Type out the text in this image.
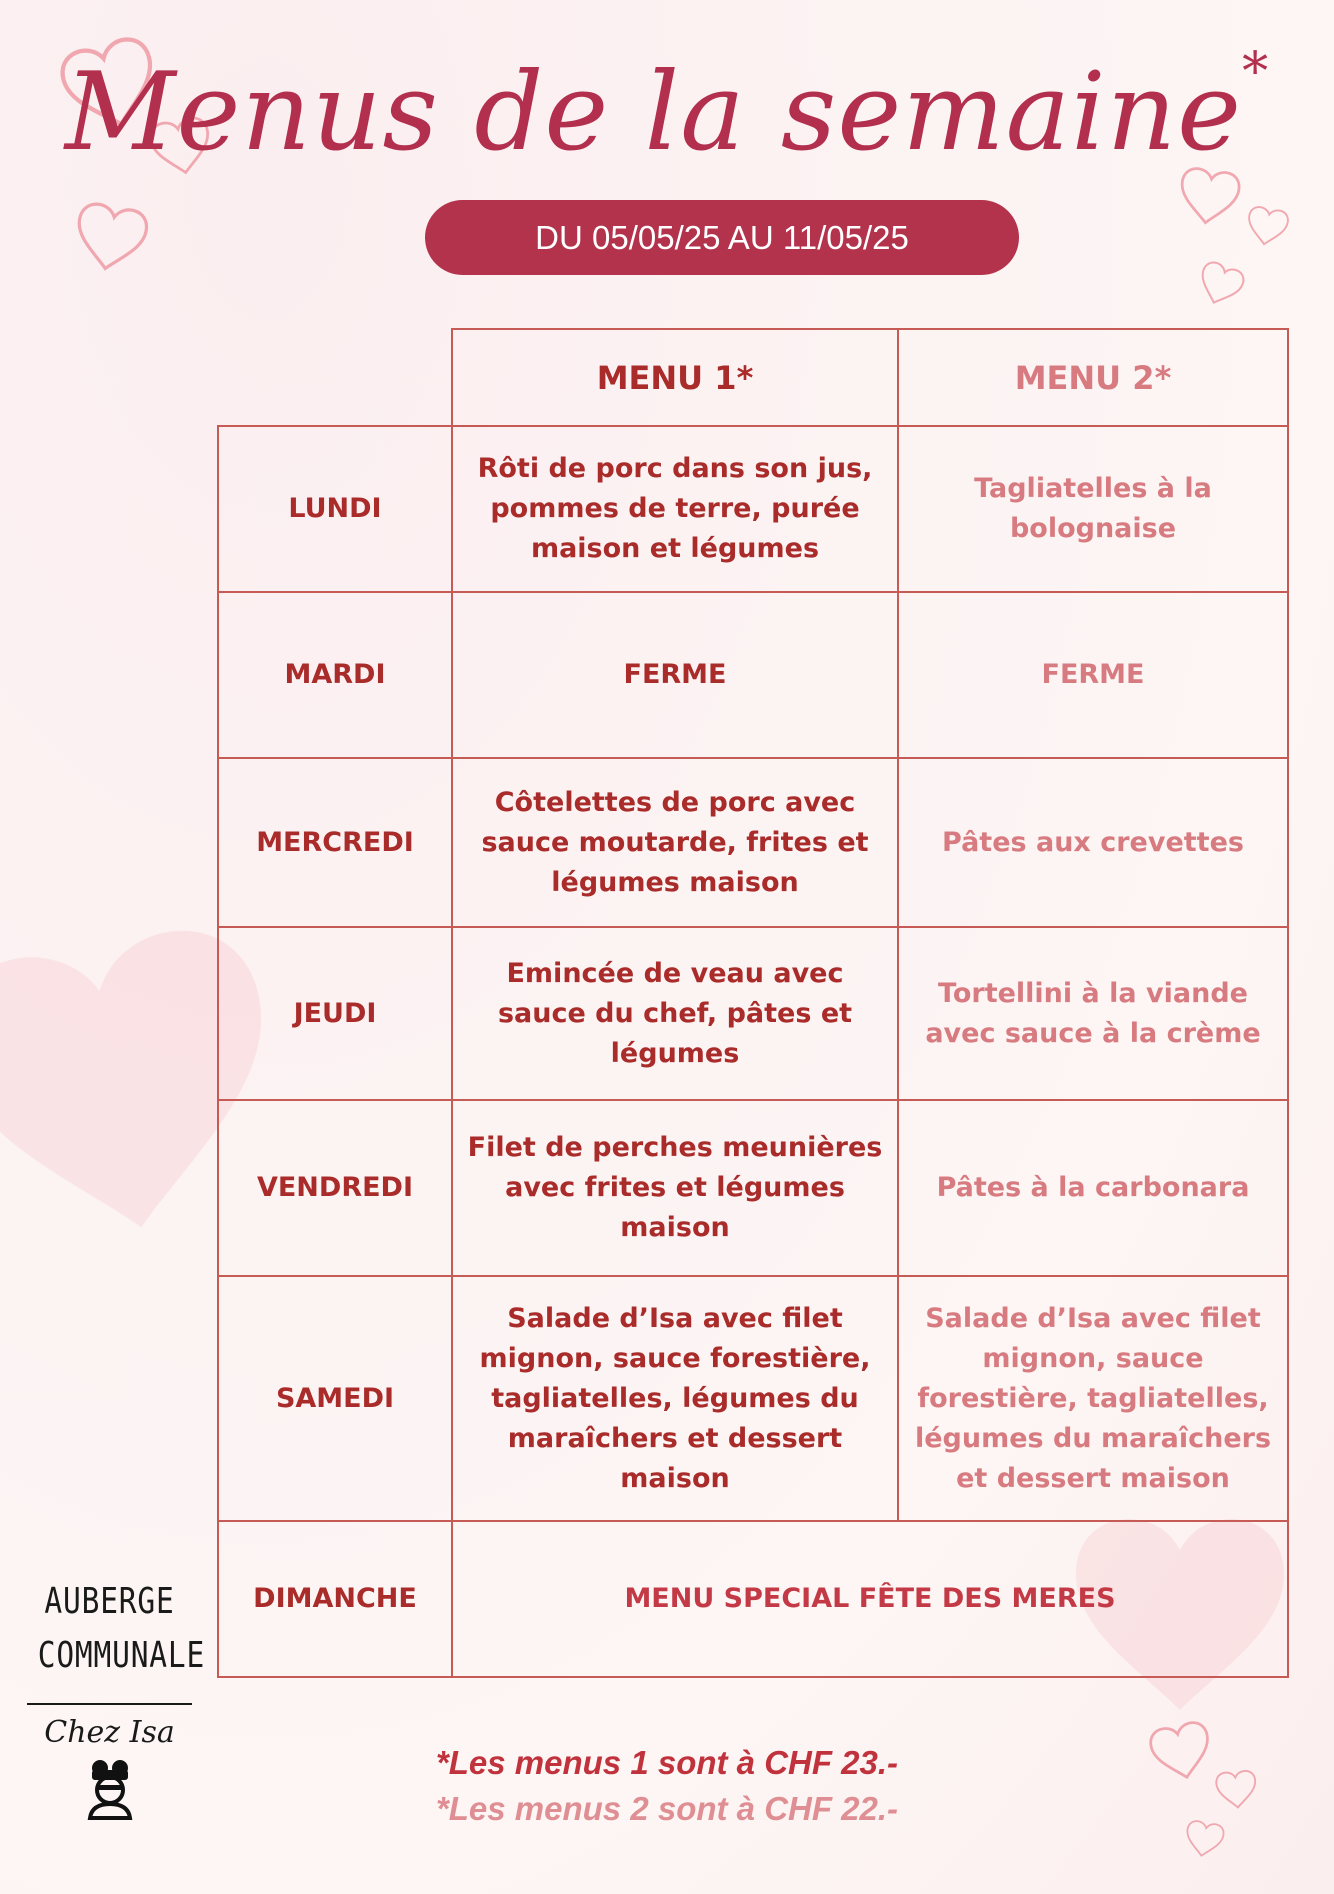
Menus de la semaine*
DU 05/05/25 AU 11/05/25
	MENU 1*	MENU 2*
LUNDI	Rôti de porc dans son jus, pommes de terre, purée maison et légumes	Tagliatelles à la bolognaise
MARDI	FERME	FERME
MERCREDI	Côtelettes de porc avec sauce moutarde, frites et légumes maison	Pâtes aux crevettes
JEUDI	Emincée de veau avec sauce du chef, pâtes et légumes	Tortellini à la viande avec sauce à la crème
VENDREDI	Filet de perches meunières avec frites et légumes maison	Pâtes à la carbonara
SAMEDI	Salade d’Isa avec filet mignon, sauce forestière, tagliatelles, légumes du maraîchers et dessert maison	Salade d’Isa avec filet mignon, sauce forestière, tagliatelles, légumes du maraîchers et dessert maison
DIMANCHE	MENU SPECIAL FÊTE DES MERES	
AUBERGE
COMMUNALE
Chez Isa
*Les menus 1 sont à CHF 23.-
*Les menus 2 sont à CHF 22.-
